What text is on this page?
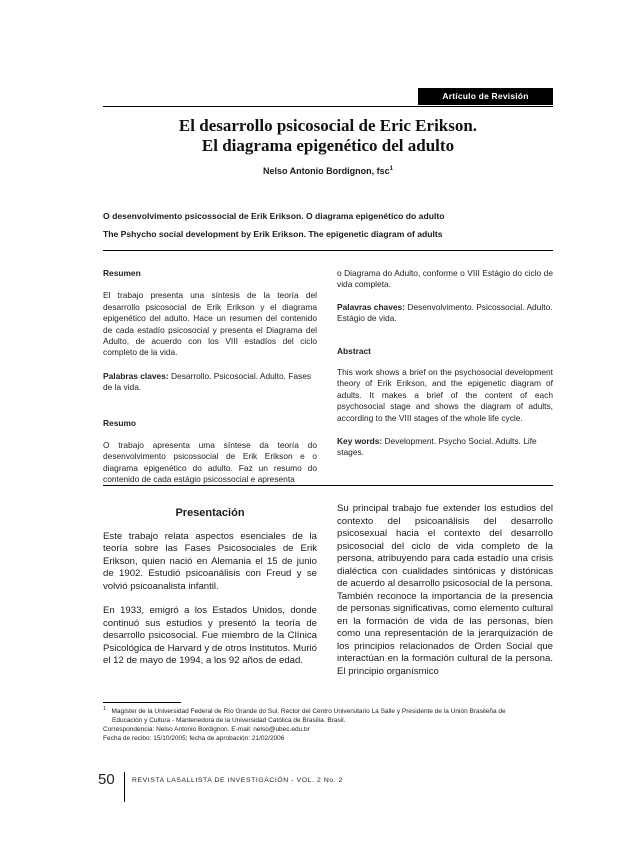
Artículo de Revisión
El desarrollo psicosocial de Eric Erikson.
El diagrama epigenético del adulto
Nelso Antonio Bordignon, fsc$^1$
O desenvolvimento psicossocial de Erik Erikson. O diagrama epigenético do adulto
The Pshycho social development by Erik Erikson. The epigenetic diagram of adults
Resumen

El trabajo presenta una síntesis de la teoría del desarrollo psicosocial de Erik Erikson y el diagrama epigenético del adulto. Hace un resumen del contenido de cada estadío psicosocial y presenta el Diagrama del Adulto, de acuerdo con los VIII estadíos del ciclo completo de la vida.

Palabras claves: Desarrollo. Psicosocial. Adulto. Fases de la vida.

Resumo

O trabajo apresenta uma síntese da teoría do desenvolvimento psicossocial de Erik Erikson e o diagrama epigenético do adulto. Faz un resumo do contenido de cada estágio psicossocial e apresenta

o Diagrama do Adulto, conforme o VIII Estágio do ciclo de vida completa.

Palavras chaves: Desenvolvimento. Psicossocial. Adulto. Estágio de vida.

Abstract

This work shows a brief on the psychosocial development theory of Erik Erikson, and the epigenetic diagram of adults. It makes a brief of the content of each psychosocial stage and shows the diagram of adults, according to the VIII stages of the whole life cycle.

Key words: Development. Psycho Social. Adults. Life stages.

Presentación

Este trabajo relata aspectos esenciales de la teoría sobre las Fases Psicosociales de Erik Erikson, quien nació en Alemania el 15 de junio de 1902. Estudió psicoanálisis con Freud y se volvió psicoanalista infantil.

En 1933, emigró a los Estados Unidos, donde continuó sus estudios y presentó la teoría de desarrollo psicosocial. Fue miembro de la Clínica Psicológica de Harvard y de otros Institutos. Murió el 12 de mayo de 1994, a los 92 años de edad.

Su principal trabajo fue extender los estudios del contexto del psicoanálisis del desarrollo psicosexual hacia el contexto del desarrollo psicosocial del ciclo de vida completo de la persona, atribuyendo para cada estadío una crisis dialéctica con cualidades sintónicas y distónicas de acuerdo al desarrollo psicosocial de la persona. También reconoce la importancia de la presencia de personas significativas, como elemento cultural en la formación de vida de las personas, bien como una representación de la jerarquización de los principios relacionados de Orden Social que interactúan en la formación cultural de la persona. El principio organísmico

$^1$ Magíster de la Universidad Federal de Río Grande do Sul. Rector del Centro Universitario La Salle y Presidente de la Unión Brasileña de
Educación y Cultura - Mantenedora de la Universidad Católica de Brasilia. Brasil.
Correspondencia: Nelso Antonio Bordignon. E-mail: nelso@ubec.edu.br
Fecha de recibo: 15/10/2005; fecha de aprobación: 21/02/2006
50	REVISTA LASALLISTA DE INVESTIGACIÓN - VOL. 2 No. 2
